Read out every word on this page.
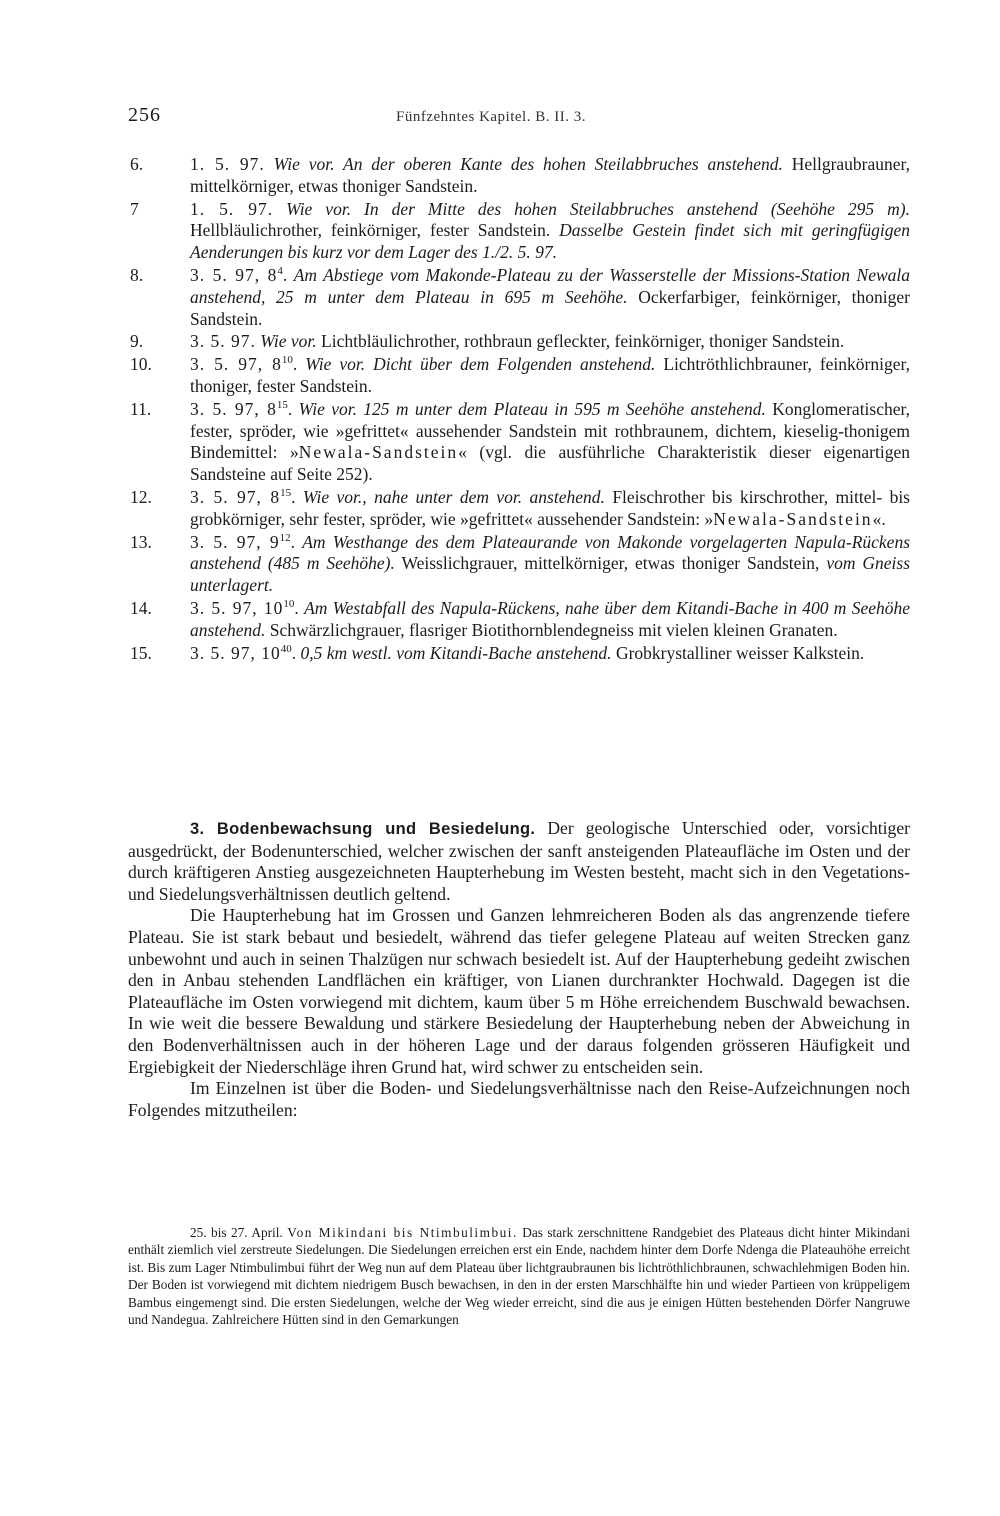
256	Fünfzehntes Kapitel. B. II. 3.
6.	1. 5. 97. Wie vor. An der oberen Kante des hohen Steilabbruches anstehend. Hellgraubrauner, mittelkörniger, etwas thoniger Sandstein.
7	1. 5. 97. Wie vor. In der Mitte des hohen Steilabbruches anstehend (Seehöhe 295 m). Hellbläulichrother, feinkörniger, fester Sandstein. Dasselbe Gestein findet sich mit geringfügigen Aenderungen bis kurz vor dem Lager des 1./2. 5. 97.
8.	3. 5. 97, $8^4$. Am Abstiege vom Makonde-Plateau zu der Wasserstelle der Missions-Station Newala anstehend, 25 m unter dem Plateau in 695 m Seehöhe. Ockerfarbiger, feinkörniger, thoniger Sandstein.
9.	3. 5. 97. Wie vor. Lichtbläulichrother, rothbraun gefleckter, feinkörniger, thoniger Sandstein.
10.	3. 5. 97, $8^{10}$. Wie vor. Dicht über dem Folgenden anstehend. Lichtröthlichbrauner, feinkörniger, thoniger, fester Sandstein.
11.	3. 5. 97, $8^{15}$. Wie vor. 125 m unter dem Plateau in 595 m Seehöhe anstehend. Konglomeratischer, fester, spröder, wie »gefrittet« aussehender Sandstein mit rothbraunem, dichtem, kieselig-thonigem Bindemittel: »Newala-Sandstein« (vgl. die ausführliche Charakteristik dieser eigenartigen Sandsteine auf Seite 252).
12.	3. 5. 97, $8^{15}$. Wie vor., nahe unter dem vor. anstehend. Fleischrother bis kirschrother, mittel- bis grobkörniger, sehr fester, spröder, wie »gefrittet« aussehender Sandstein: »Newala-Sandstein«.
13.	3. 5. 97, $9^{12}$. Am Westhange des dem Plateaurande von Makonde vorgelagerten Napula-Rückens anstehend (485 m Seehöhe). Weisslichgrauer, mittelkörniger, etwas thoniger Sandstein, vom Gneiss unterlagert.
14.	3. 5. 97, $10^{10}$. Am Westabfall des Napula-Rückens, nahe über dem Kitandi-Bache in 400 m Seehöhe anstehend. Schwärzlichgrauer, flasriger Biotithornblendegneiss mit vielen kleinen Granaten.
15.	3. 5. 97, $10^{40}$. 0,5 km westl. vom Kitandi-Bache anstehend. Grobkrystalliner weisser Kalkstein.

3. Bodenbewachsung und Besiedelung. Der geologische Unterschied oder, vorsichtiger ausgedrückt, der Bodenunterschied, welcher zwischen der sanft ansteigenden Plateaufläche im Osten und der durch kräftigeren Anstieg ausgezeichneten Haupterhebung im Westen besteht, macht sich in den Vegetations- und Siedelungsverhältnissen deutlich geltend.

Die Haupterhebung hat im Grossen und Ganzen lehmreicheren Boden als das angrenzende tiefere Plateau. Sie ist stark bebaut und besiedelt, während das tiefer gelegene Plateau auf weiten Strecken ganz unbewohnt und auch in seinen Thalzügen nur schwach besiedelt ist. Auf der Haupterhebung gedeiht zwischen den in Anbau stehenden Landflächen ein kräftiger, von Lianen durchrankter Hochwald. Dagegen ist die Plateaufläche im Osten vorwiegend mit dichtem, kaum über 5 m Höhe erreichendem Buschwald bewachsen. In wie weit die bessere Bewaldung und stärkere Besiedelung der Haupterhebung neben der Abweichung in den Bodenverhältnissen auch in der höheren Lage und der daraus folgenden grösseren Häufigkeit und Ergiebigkeit der Niederschläge ihren Grund hat, wird schwer zu entscheiden sein.

Im Einzelnen ist über die Boden- und Siedelungsverhältnisse nach den Reise-Aufzeichnungen noch Folgendes mitzutheilen:

25. bis 27. April. Von Mikindani bis Ntimbulimbui. Das stark zerschnittene Randgebiet des Plateaus dicht hinter Mikindani enthält ziemlich viel zerstreute Siedelungen. Die Siedelungen erreichen erst ein Ende, nachdem hinter dem Dorfe Ndenga die Plateauhöhe erreicht ist. Bis zum Lager Ntimbulimbui führt der Weg nun auf dem Plateau über lichtgraubraunen bis lichtröthlichbraunen, schwachlehmigen Boden hin. Der Boden ist vorwiegend mit dichtem niedrigem Busch bewachsen, in den in der ersten Marschhälfte hin und wieder Partieen von krüppeligem Bambus eingemengt sind. Die ersten Siedelungen, welche der Weg wieder erreicht, sind die aus je einigen Hütten bestehenden Dörfer Nangruwe und Nandegua. Zahlreichere Hütten sind in den Gemarkungen
